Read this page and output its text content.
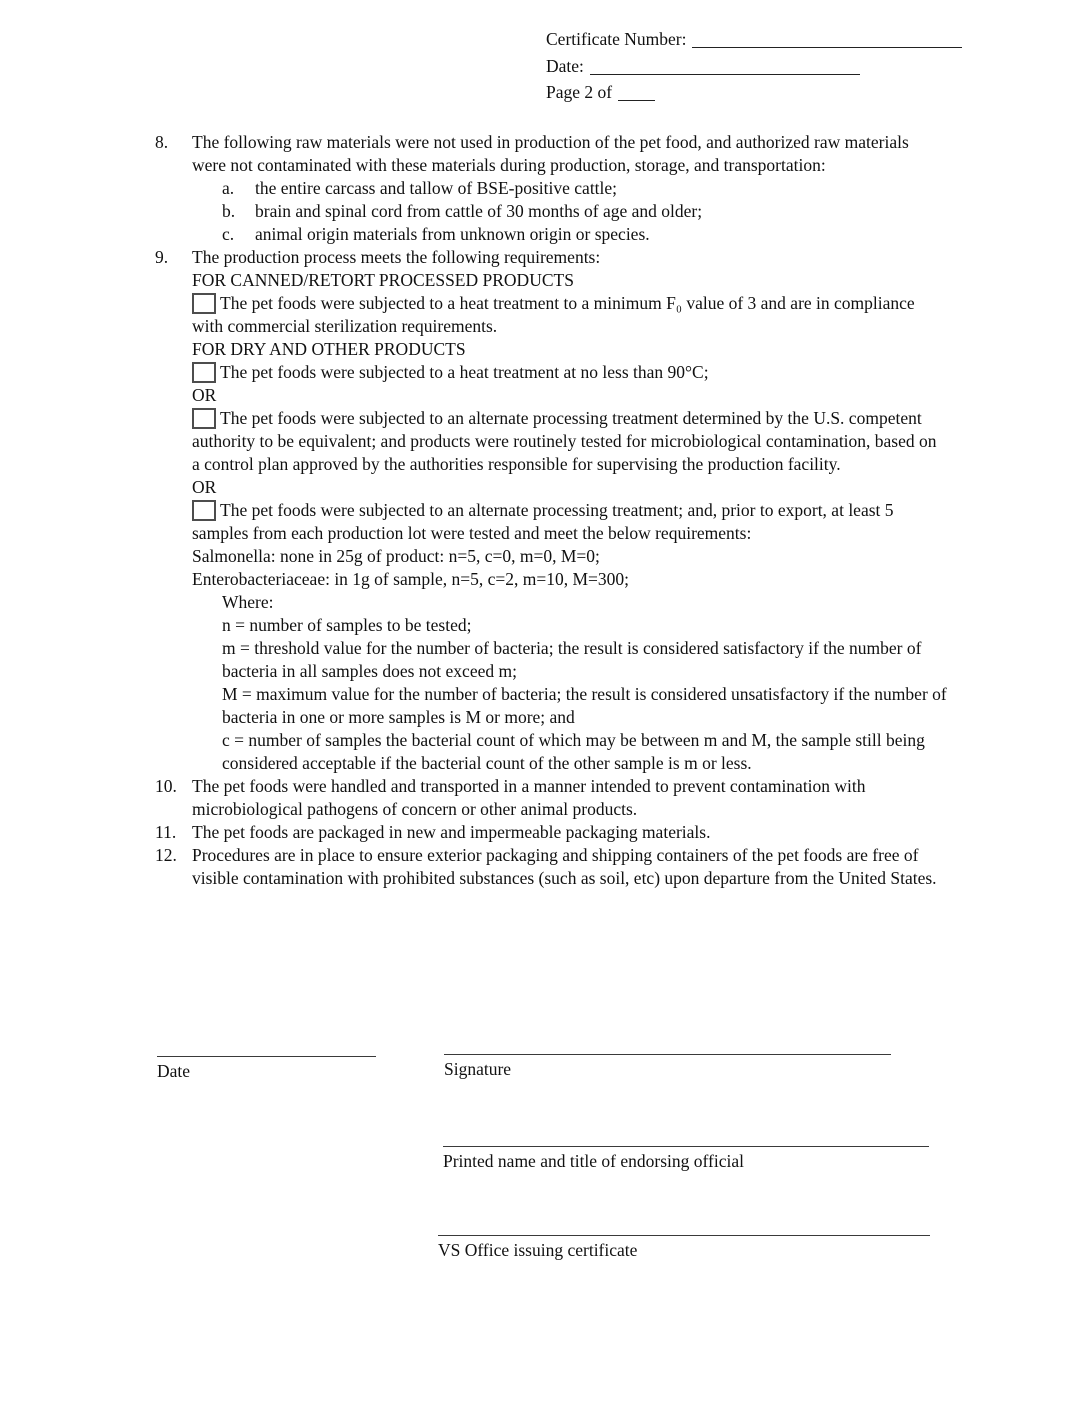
Certificate Number:
Date:
Page 2 of
8.	The following raw materials were not used in production of the pet food, and authorized raw materials were not contaminated with these materials during production, storage, and transportation:
a.	the entire carcass and tallow of BSE-positive cattle;
b.	brain and spinal cord from cattle of 30 months of age and older;
c.	animal origin materials from unknown origin or species.
9.	The production process meets the following requirements:
FOR CANNED/RETORT PROCESSED PRODUCTS
The pet foods were subjected to a heat treatment to a minimum F₀ value of 3 and are in compliance with commercial sterilization requirements.
FOR DRY AND OTHER PRODUCTS
The pet foods were subjected to a heat treatment at no less than 90°C;
OR
The pet foods were subjected to an alternate processing treatment determined by the U.S. competent authority to be equivalent; and products were routinely tested for microbiological contamination, based on a control plan approved by the authorities responsible for supervising the production facility.
OR
The pet foods were subjected to an alternate processing treatment; and, prior to export, at least 5 samples from each production lot were tested and meet the below requirements:
Salmonella: none in 25g of product: n=5, c=0, m=0, M=0;
Enterobacteriaceae: in 1g of sample, n=5, c=2, m=10, M=300;
Where:
n = number of samples to be tested;
m = threshold value for the number of bacteria; the result is considered satisfactory if the number of bacteria in all samples does not exceed m;
M = maximum value for the number of bacteria; the result is considered unsatisfactory if the number of bacteria in one or more samples is M or more; and
c = number of samples the bacterial count of which may be between m and M, the sample still being considered acceptable if the bacterial count of the other sample is m or less.
10. The pet foods were handled and transported in a manner intended to prevent contamination with microbiological pathogens of concern or other animal products.
11. The pet foods are packaged in new and impermeable packaging materials.
12. Procedures are in place to ensure exterior packaging and shipping containers of the pet foods are free of visible contamination with prohibited substances (such as soil, etc) upon departure from the United States.
Date	Signature
Printed name and title of endorsing official
VS Office issuing certificate
